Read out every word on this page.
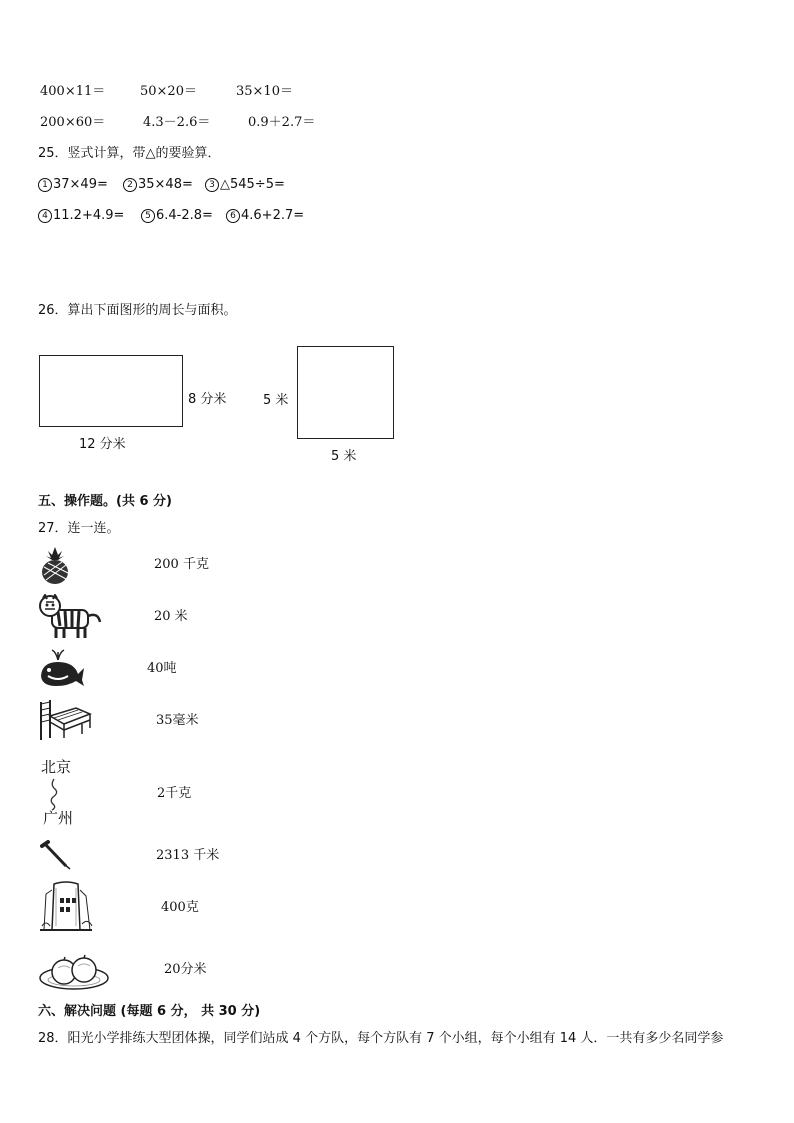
400×11＝	50×20＝	35×10＝
200×60＝	4.3－2.6＝	0.9＋2.7＝
25．竖式计算，带△的要验算．
1 37×49=	2 35×48=	3 △545÷5=
4 11.2+4.9=	5 6.4-2.8=	6 4.6+2.7=
26．算出下面图形的周长与面积。
8 分米
12 分米
5 米
5 米
五、操作题。(共 6 分)
27．连一连。
200 千克
20 米
40吨
35毫米
北京
广州
2千克
2313 千米
400克
20分米
六、解决问题 (每题 6 分， 共 30 分)
28．阳光小学排练大型团体操，同学们站成 4 个方队，每个方队有 7 个小组，每个小组有 14 人．一共有多少名同学参
